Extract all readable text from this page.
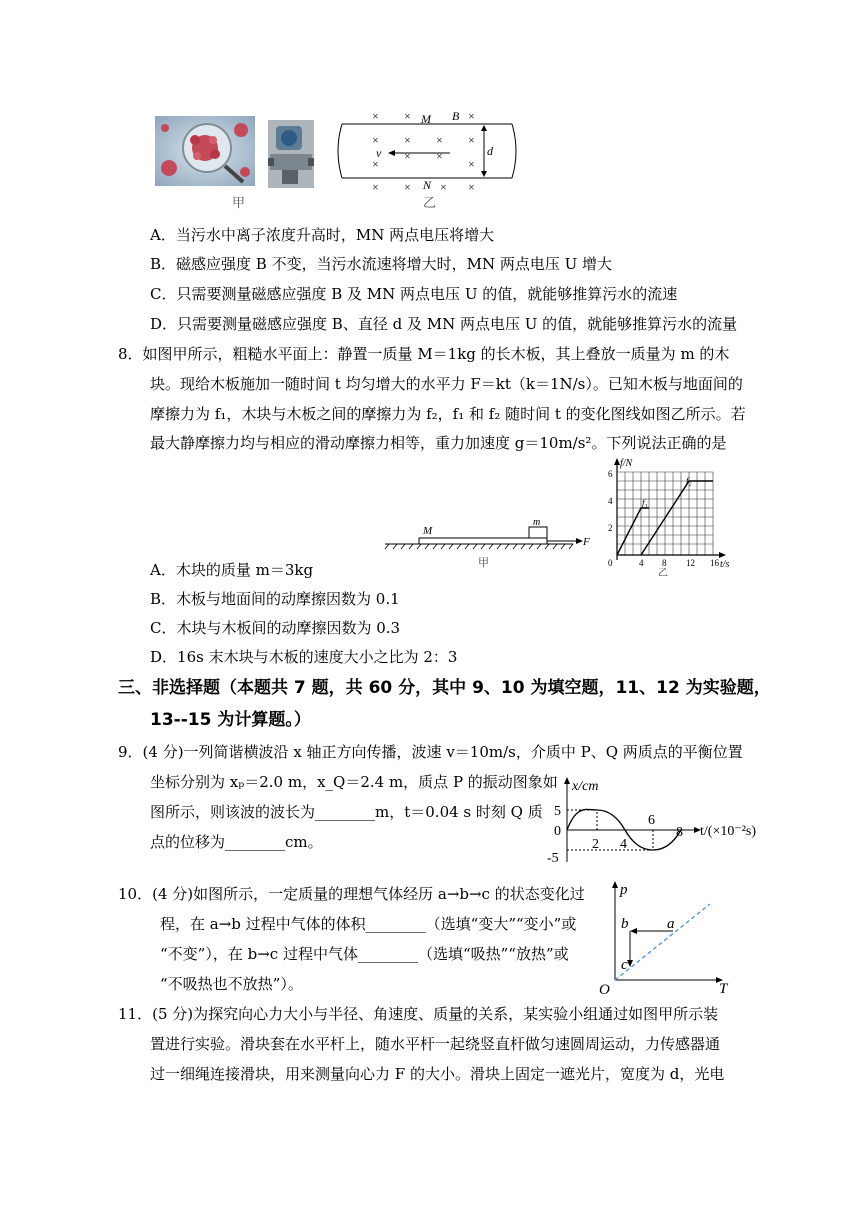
× ×	×
× × × ×
× ×
×	×
× × × ×
M
N
B
v	d
甲	乙
A．当污水中离子浓度升高时，MN 两点电压将增大
B．磁感应强度 B 不变，当污水流速将增大时，MN 两点电压 U 增大
C．只需要测量磁感应强度 B 及 MN 两点电压 U 的值，就能够推算污水的流速
D．只需要测量磁感应强度 B、直径 d 及 MN 两点电压 U 的值，就能够推算污水的流量
8．如图甲所示，粗糙水平面上：静置一质量 M＝1kg 的长木板，其上叠放一质量为 m 的木
块。现给木板施加一随时间 t 均匀增大的水平力 F＝kt（k＝1N/s）。已知木板与地面间的
摩擦力为 f₁，木块与木板之间的摩擦力为 f₂，f₁ 和 f₂ 随时间 t 的变化图线如图乙所示。若
最大静摩擦力均与相应的滑动摩擦力相等，重力加速度 g＝10m/s²。下列说法正确的是
M
m
F
甲
f/N
t/s
2
4
6
0	4 8 12 16
f₁
f₂
乙
A．木块的质量 m＝3kg
B．木板与地面间的动摩擦因数为 0.1
C．木块与木板间的动摩擦因数为 0.3
D．16s 末木块与木板的速度大小之比为 2：3
三、非选择题（本题共 7 题，共 60 分，其中 9、10 为填空题，11、12 为实验题，
13--15 为计算题。）
9．(4 分)一列简谐横波沿 x 轴正方向传播，波速 v＝10m/s，介质中 P、Q 两质点的平衡位置
坐标分别为 xₚ＝2.0 m，x_Q＝2.4 m，质点 P 的振动图象如
图所示，则该波的波长为________m，t＝0.04 s 时刻 Q 质
点的位移为________cm。
x/cm
t/(×10⁻²s)
5
0
-5
2 4
6
8
10．(4 分)如图所示，一定质量的理想气体经历 a→b→c 的状态变化过
程，在 a→b 过程中气体的体积________（选填“变大”“变小”或
“不变”），在 b→c 过程中气体________（选填“吸热”“放热”或
“不吸热也不放热”）。
p
T
O
a
b
c
11．(5 分)为探究向心力大小与半径、角速度、质量的关系，某实验小组通过如图甲所示装
置进行实验。滑块套在水平杆上，随水平杆一起绕竖直杆做匀速圆周运动，力传感器通
过一细绳连接滑块，用来测量向心力 F 的大小。滑块上固定一遮光片，宽度为 d，光电
